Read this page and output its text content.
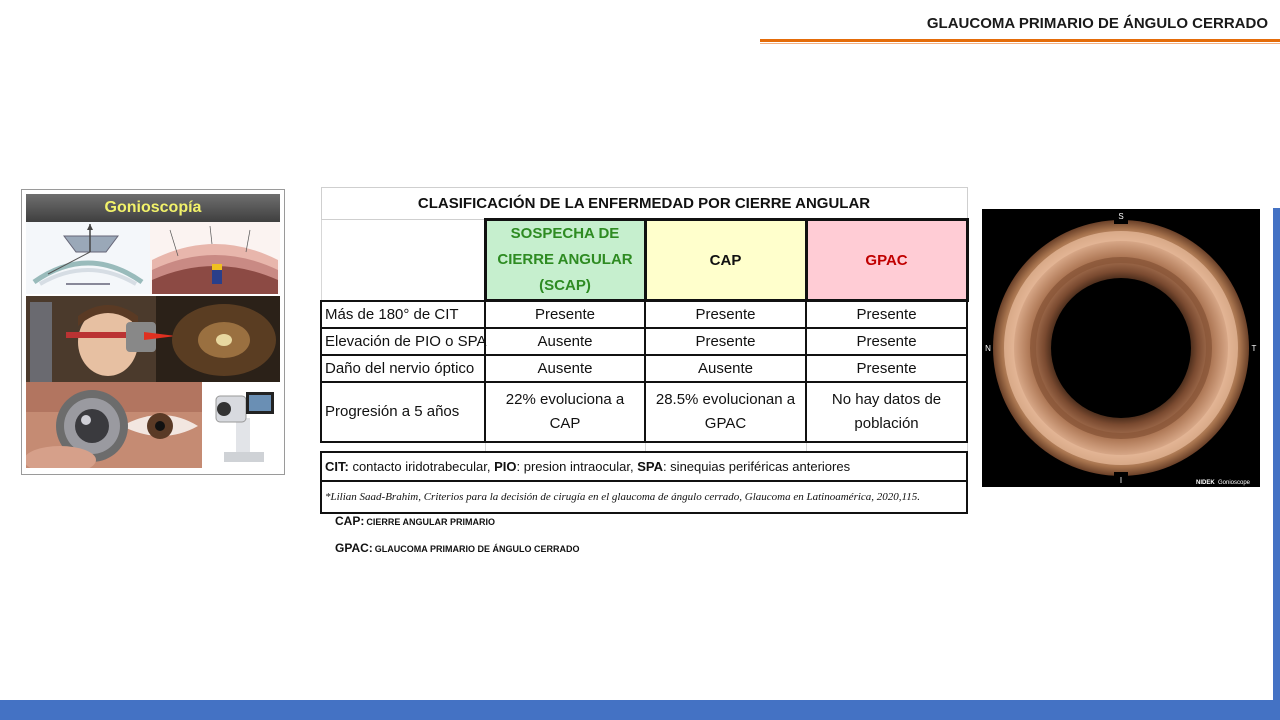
GLAUCOMA PRIMARIO DE ÁNGULO CERRADO
Gonioscopía	CLASIFICACIÓN DE LA ENFERMEDAD POR CIERRE ANGULAR			
	SOSPECHA DE CIERRE ANGULAR (SCAP)	CAP	GPAC
Más de 180° de CIT	Presente	Presente	Presente
Elevación de PIO o SPA	Ausente	Presente	Presente
Daño del nervio óptico	Ausente	Ausente	Presente
Progresión a 5 años	22% evoluciona a CAP	28.5% evolucionan a GPAC	No hay datos de población

CIT: contacto iridotrabecular, PIO: presion intraocular, SPA: sinequias periféricas anteriores			
*Lilian Saad-Brahim, Criterios para la decisión de cirugía en el glaucoma de ángulo cerrado, Glaucoma en Latinoamérica, 2020,115.			
CAP: CIERRE ANGULAR PRIMARIO
GPAC: GLAUCOMA PRIMARIO DE ÁNGULO CERRADO
S
N	T
I	NIDEK Gonioscope
